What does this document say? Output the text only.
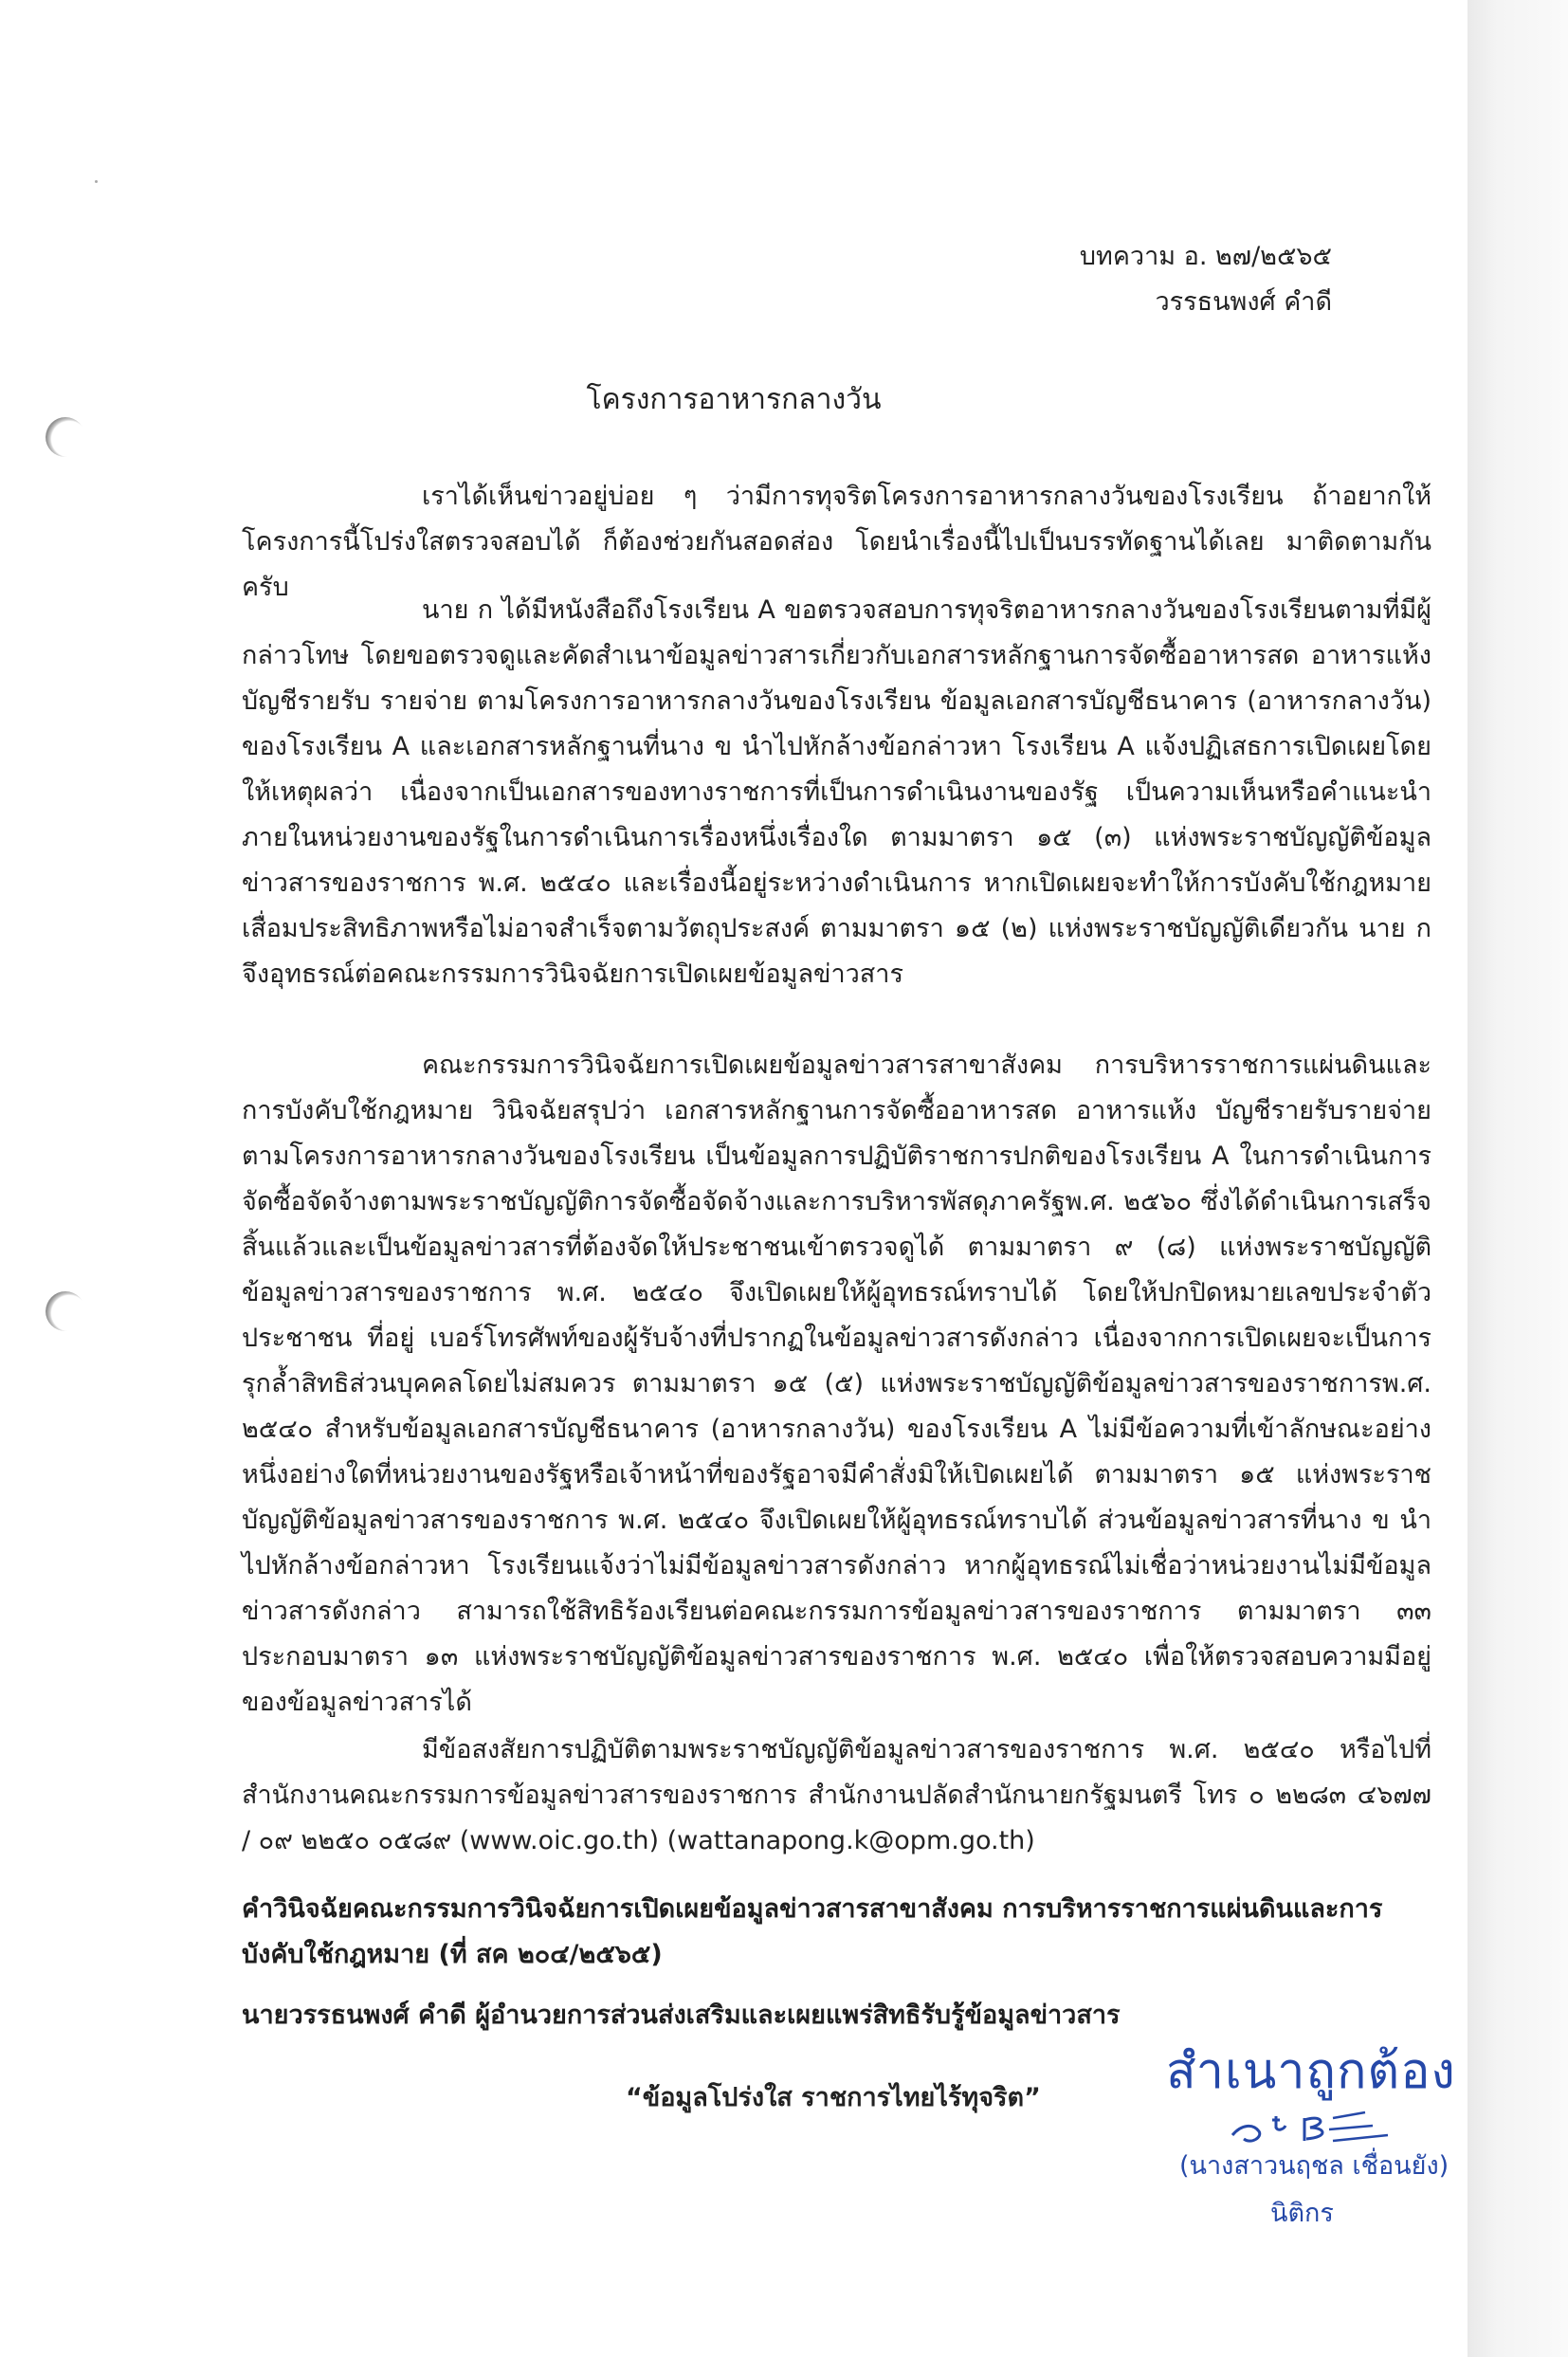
บทความ อ. ๒๗/๒๕๖๕
วรรธนพงศ์ คำดี
โครงการอาหารกลางวัน
เราได้เห็นข่าวอยู่บ่อย ๆ ว่ามีการทุจริตโครงการอาหารกลางวันของโรงเรียน ถ้าอยากให้โครงการนี้โปร่งใสตรวจสอบได้ ก็ต้องช่วยกันสอดส่อง โดยนำเรื่องนี้ไปเป็นบรรทัดฐานได้เลย มาติดตามกันครับ
นาย ก ได้มีหนังสือถึงโรงเรียน A ขอตรวจสอบการทุจริตอาหารกลางวันของโรงเรียนตามที่มีผู้กล่าวโทษ โดยขอตรวจดูและคัดสำเนาข้อมูลข่าวสารเกี่ยวกับเอกสารหลักฐานการจัดซื้ออาหารสด อาหารแห้ง บัญชีรายรับ รายจ่าย ตามโครงการอาหารกลางวันของโรงเรียน ข้อมูลเอกสารบัญชีธนาคาร (อาหารกลางวัน) ของโรงเรียน A และเอกสารหลักฐานที่นาง ข นำไปหักล้างข้อกล่าวหา โรงเรียน A แจ้งปฏิเสธการเปิดเผยโดยให้เหตุผลว่า เนื่องจากเป็นเอกสารของทางราชการที่เป็นการดำเนินงานของรัฐ เป็นความเห็นหรือคำแนะนำภายในหน่วยงานของรัฐในการดำเนินการเรื่องหนึ่งเรื่องใด ตามมาตรา ๑๕ (๓) แห่งพระราชบัญญัติข้อมูลข่าวสารของราชการ พ.ศ. ๒๕๔๐ และเรื่องนี้อยู่ระหว่างดำเนินการ หากเปิดเผยจะทำให้การบังคับใช้กฎหมายเสื่อมประสิทธิภาพหรือไม่อาจสำเร็จตามวัตถุประสงค์ ตามมาตรา ๑๕ (๒) แห่งพระราชบัญญัติเดียวกัน นาย ก จึงอุทธรณ์ต่อคณะกรรมการวินิจฉัยการเปิดเผยข้อมูลข่าวสาร
คณะกรรมการวินิจฉัยการเปิดเผยข้อมูลข่าวสารสาขาสังคม การบริหารราชการแผ่นดินและการบังคับใช้กฎหมาย วินิจฉัยสรุปว่า เอกสารหลักฐานการจัดซื้ออาหารสด อาหารแห้ง บัญชีรายรับรายจ่ายตามโครงการอาหารกลางวันของโรงเรียน เป็นข้อมูลการปฏิบัติราชการปกติของโรงเรียน A ในการดำเนินการจัดซื้อจัดจ้างตามพระราชบัญญัติการจัดซื้อจัดจ้างและการบริหารพัสดุภาครัฐพ.ศ. ๒๕๖๐ ซึ่งได้ดำเนินการเสร็จสิ้นแล้วและเป็นข้อมูลข่าวสารที่ต้องจัดให้ประชาชนเข้าตรวจดูได้ ตามมาตรา ๙ (๘) แห่งพระราชบัญญัติข้อมูลข่าวสารของราชการ พ.ศ. ๒๕๔๐ จึงเปิดเผยให้ผู้อุทธรณ์ทราบได้ โดยให้ปกปิดหมายเลขประจำตัวประชาชน ที่อยู่ เบอร์โทรศัพท์ของผู้รับจ้างที่ปรากฏในข้อมูลข่าวสารดังกล่าว เนื่องจากการเปิดเผยจะเป็นการรุกล้ำสิทธิส่วนบุคคลโดยไม่สมควร ตามมาตรา ๑๕ (๕) แห่งพระราชบัญญัติข้อมูลข่าวสารของราชการพ.ศ. ๒๕๔๐ สำหรับข้อมูลเอกสารบัญชีธนาคาร (อาหารกลางวัน) ของโรงเรียน A ไม่มีข้อความที่เข้าลักษณะอย่างหนึ่งอย่างใดที่หน่วยงานของรัฐหรือเจ้าหน้าที่ของรัฐอาจมีคำสั่งมิให้เปิดเผยได้ ตามมาตรา ๑๕ แห่งพระราชบัญญัติข้อมูลข่าวสารของราชการ พ.ศ. ๒๕๔๐ จึงเปิดเผยให้ผู้อุทธรณ์ทราบได้ ส่วนข้อมูลข่าวสารที่นาง ข นำไปหักล้างข้อกล่าวหา โรงเรียนแจ้งว่าไม่มีข้อมูลข่าวสารดังกล่าว หากผู้อุทธรณ์ไม่เชื่อว่าหน่วยงานไม่มีข้อมูลข่าวสารดังกล่าว สามารถใช้สิทธิร้องเรียนต่อคณะกรรมการข้อมูลข่าวสารของราชการ ตามมาตรา ๓๓ ประกอบมาตรา ๑๓ แห่งพระราชบัญญัติข้อมูลข่าวสารของราชการ พ.ศ. ๒๕๔๐ เพื่อให้ตรวจสอบความมีอยู่ของข้อมูลข่าวสารได้
มีข้อสงสัยการปฏิบัติตามพระราชบัญญัติข้อมูลข่าวสารของราชการ พ.ศ. ๒๕๔๐ หรือไปที่สำนักงานคณะกรรมการข้อมูลข่าวสารของราชการ สำนักงานปลัดสำนักนายกรัฐมนตรี โทร ๐ ๒๒๘๓ ๔๖๗๗ / ๐๙ ๒๒๕๐ ๐๕๘๙ (www.oic.go.th) (wattanapong.k@opm.go.th)
คำวินิจฉัยคณะกรรมการวินิจฉัยการเปิดเผยข้อมูลข่าวสารสาขาสังคม การบริหารราชการแผ่นดินและการบังคับใช้กฎหมาย (ที่ สค ๒๐๔/๒๕๖๕)
นายวรรธนพงศ์ คำดี ผู้อำนวยการส่วนส่งเสริมและเผยแพร่สิทธิรับรู้ข้อมูลข่าวสาร
“ข้อมูลโปร่งใส ราชการไทยไร้ทุจริต”	สำเนาถูกต้อง
(นางสาวนฤชล เชื่อนยัง)
นิติกร
